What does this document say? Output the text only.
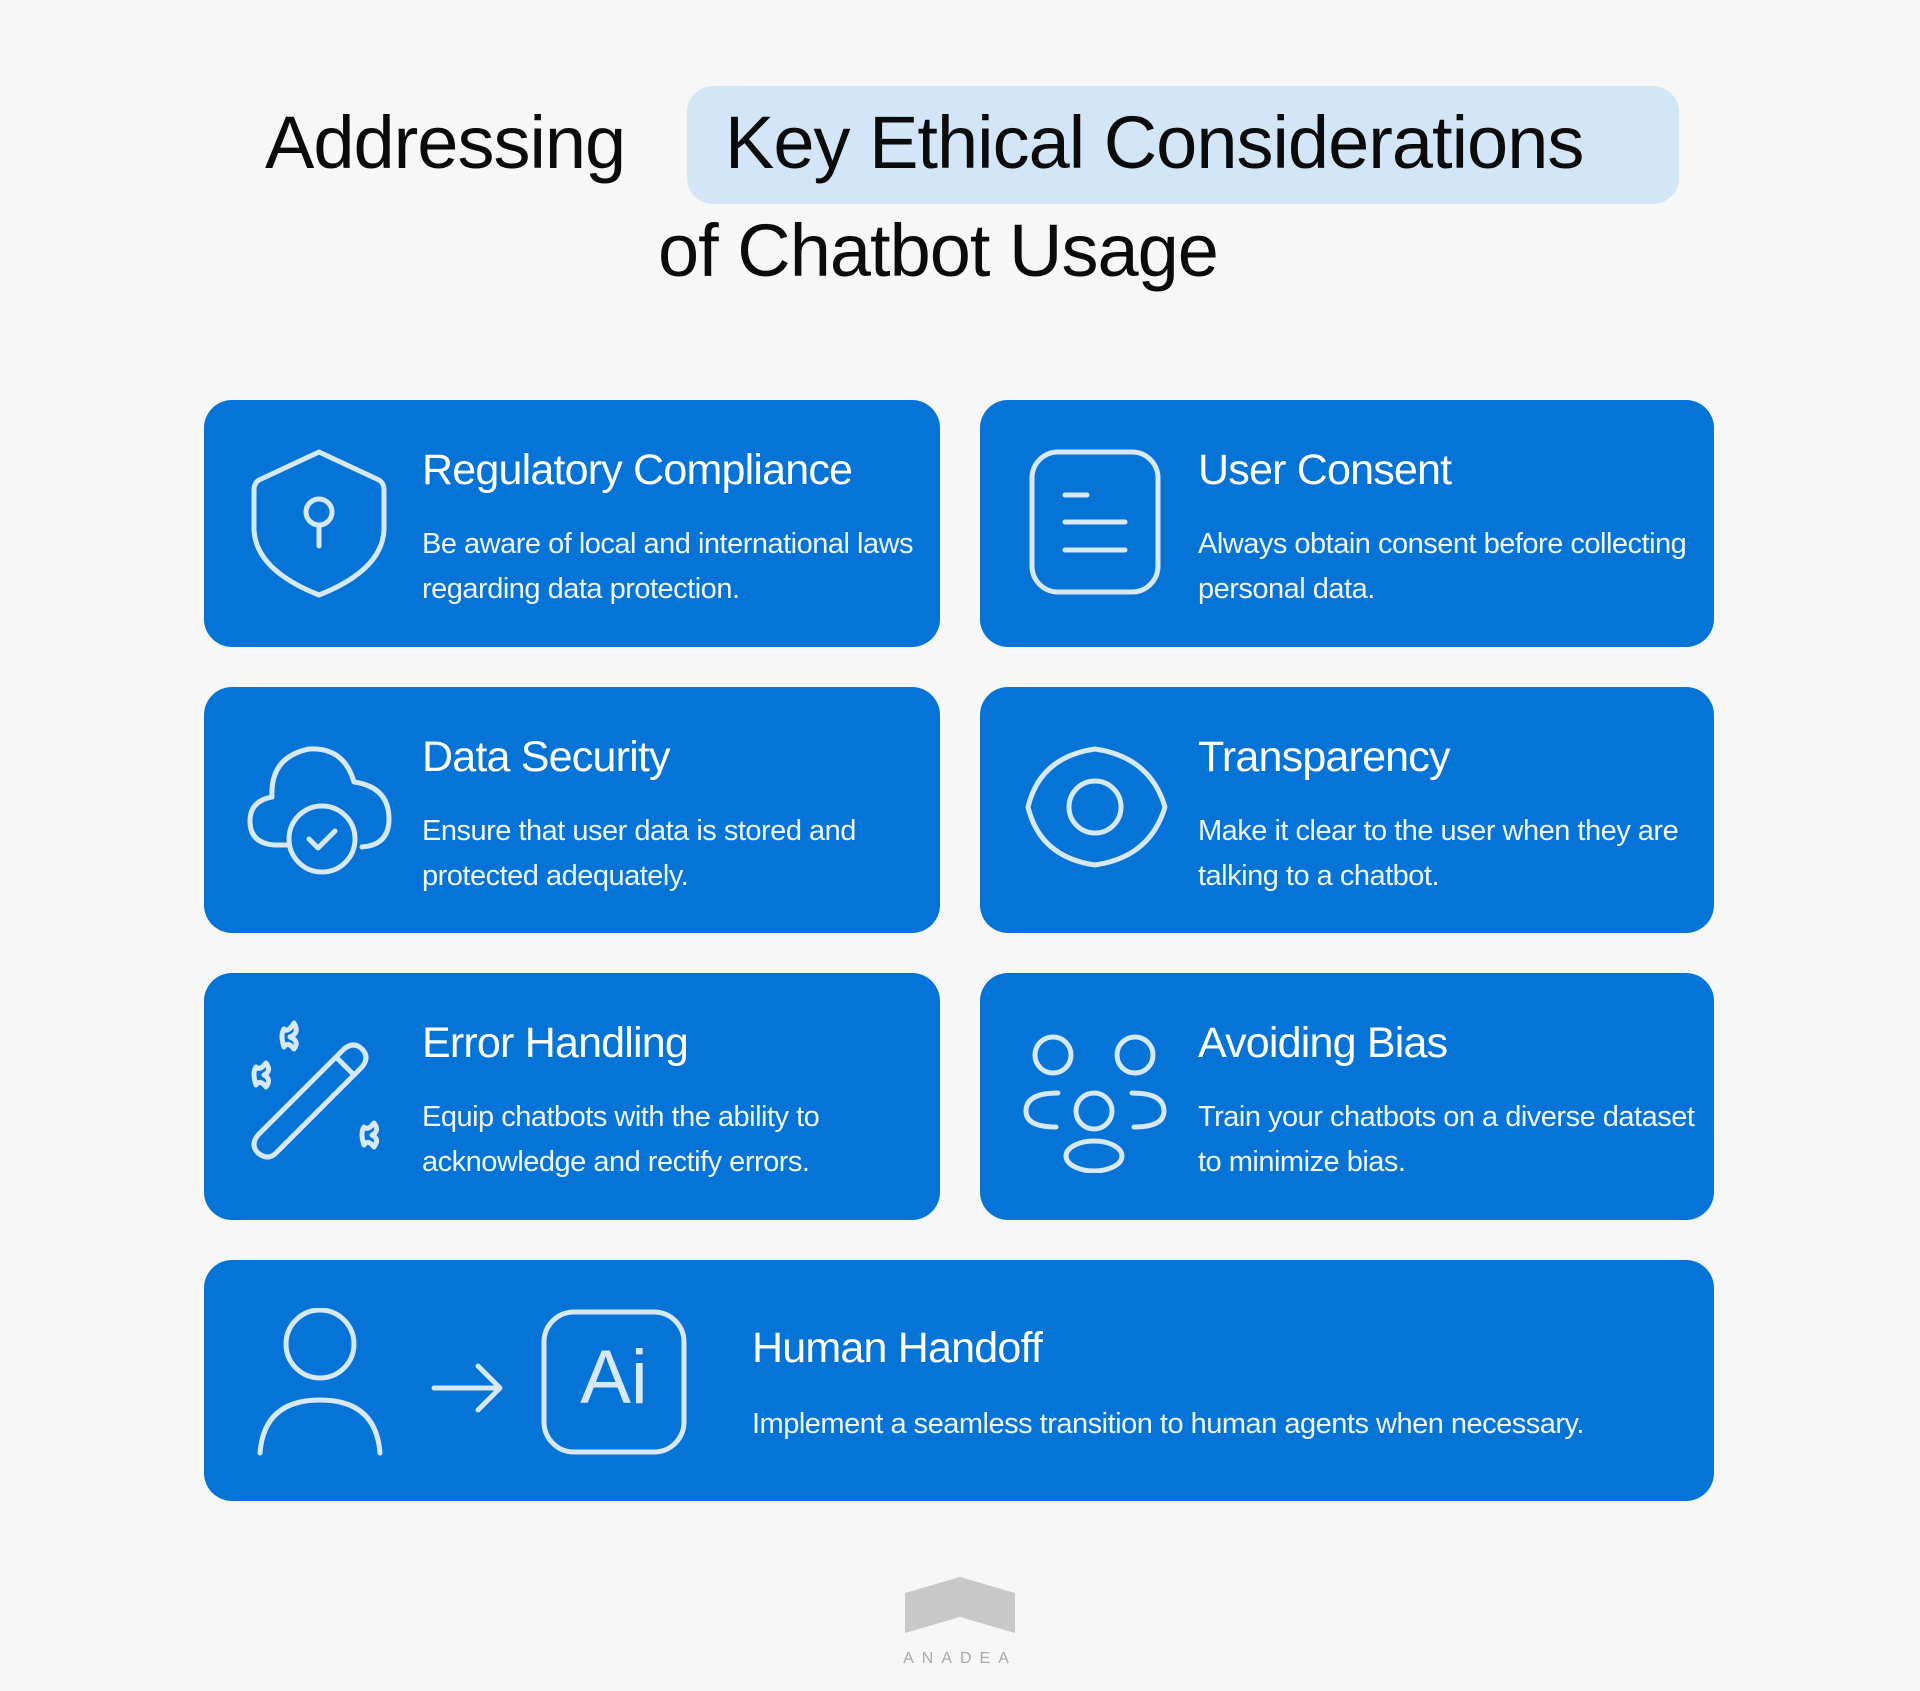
Addressing Key Ethical Considerations
of Chatbot Usage
Regulatory Compliance

Be aware of local and international laws regarding data protection.

User Consent

Always obtain consent before collecting personal data.

Data Security

Ensure that user data is stored and protected adequately.

Transparency

Make it clear to the user when they are talking to a chatbot.

Error Handling

Equip chatbots with the ability to acknowledge and rectify errors.

Avoiding Bias

Train your chatbots on a diverse dataset to minimize bias.

Ai	Human Handoff

Implement a seamless transition to human agents when necessary.

ANADEA
